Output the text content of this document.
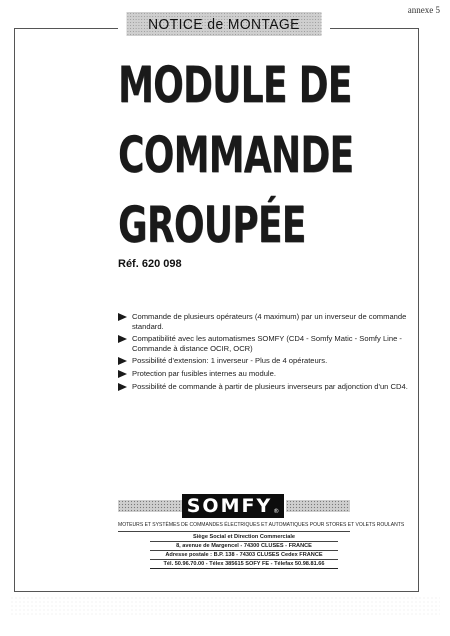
annexe 5
NOTICE de MONTAGE
MODULE DE
COMMANDE
GROUPÉE
Réf. 620 098
Commande de plusieurs opérateurs (4 maximum) par un inverseur de commande standard.
Compatibilité avec les automatismes SOMFY (CD4 - Somfy Matic - Somfy Line - Commande à distance OCIR, OCR)
Possibilité d'extension: 1 inverseur - Plus de 4 opérateurs.
Protection par fusibles internes au module.
Possibilité de commande à partir de plusieurs inverseurs par adjonction d'un CD4.
SOMFY ®
MOTEURS ET SYSTÈMES DE COMMANDES ÉLECTRIQUES ET AUTOMATIQUES POUR STORES ET VOLETS ROULANTS
Siège Social et Direction Commerciale
8, avenue de Margencel - 74300 CLUSES - FRANCE
Adresse postale : B.P. 138 - 74303 CLUSES Cedex FRANCE
Tél. 50.96.70.00 - Télex 385615 SOFY FE - Télefax 50.98.81.66
